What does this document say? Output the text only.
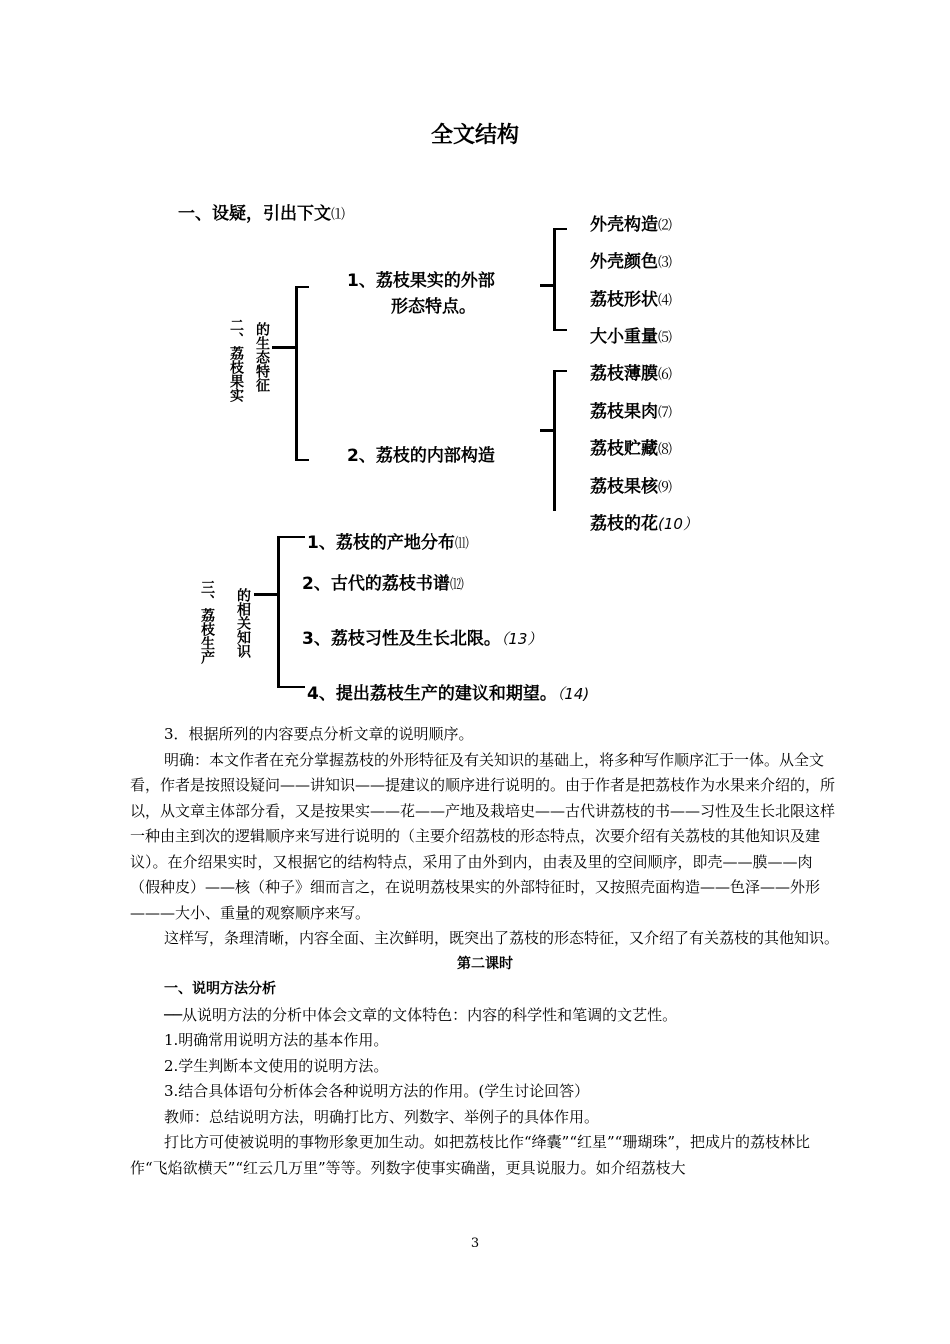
全文结构
一、设疑，引出下文⑴
二、荔枝果实 的生态特征
1、荔枝果实的外部
形态特点。
外壳构造⑵
外壳颜色⑶
荔枝形状⑷
大小重量⑸
2、荔枝的内部构造
荔枝薄膜⑹
荔枝果肉⑺
荔枝贮藏⑻
荔枝果核⑼
荔枝的花(10）
三、荔枝生产 的相关知识
1、荔枝的产地分布⑾
2、古代的荔枝书谱⑿
3、荔枝习性及生长北限。（13）
4、提出荔枝生产的建议和期望。（14)

3．根据所列的内容要点分析文章的说明顺序。

明确：本文作者在充分掌握荔枝的外形特征及有关知识的基础上，将多种写作顺序汇于一体。从全文看，作者是按照设疑问——讲知识——提建议的顺序进行说明的。由于作者是把荔枝作为水果来介绍的，所以，从文章主体部分看，又是按果实——花——产地及栽培史——古代讲荔枝的书——习性及生长北限这样一种由主到次的逻辑顺序来写进行说明的（主要介绍荔枝的形态特点，次要介绍有关荔枝的其他知识及建议）。在介绍果实时，又根据它的结构特点，采用了由外到内，由表及里的空间顺序，即壳——膜——肉（假种皮）——核（种子》细而言之，在说明荔枝果实的外部特征时，又按照壳面构造——色泽——外形———大小、重量的观察顺序来写。

这样写，条理清晰，内容全面、主次鲜明，既突出了荔枝的形态特征，又介绍了有关荔枝的其他知识。

第二课时

一、说明方法分析

──从说明方法的分析中体会文章的文体特色：内容的科学性和笔调的文艺性。

1.明确常用说明方法的基本作用。

2.学生判断本文使用的说明方法。

3.结合具体语句分析体会各种说明方法的作用。(学生讨论回答）

教师：总结说明方法，明确打比方、列数字、举例子的具体作用。

打比方可使被说明的事物形象更加生动。如把荔枝比作“绛囊”“红星”“珊瑚珠”，把成片的荔枝林比作“飞焰欲横天”“红云几万里”等等。列数字使事实确凿，更具说服力。如介绍荔枝大

3
